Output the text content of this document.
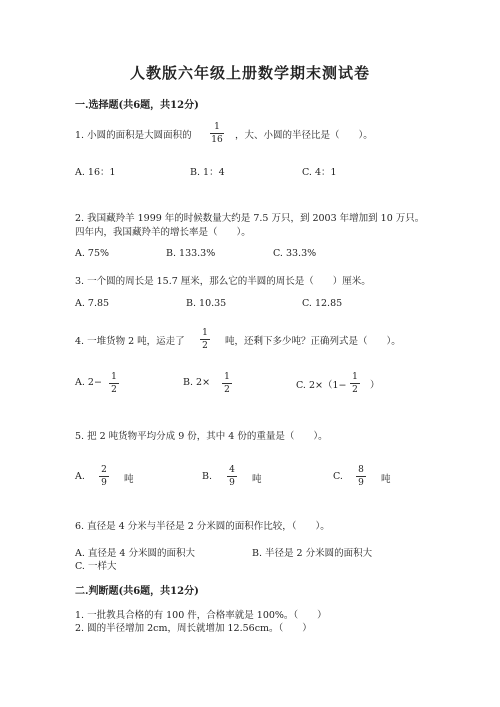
人教版六年级上册数学期末测试卷
一.选择题(共6题，共12分)
1. 小圆的面积是大圆面积的
1
16 ，大、小圆的半径比是（　　）。
A. 16：1	B. 1：4	C. 4：1
2. 我国藏羚羊 1999 年的时候数量大约是 7.5 万只，到 2003 年增加到 10 万只。
四年内，我国藏羚羊的增长率是（　　）。
A. 75%	B. 133.3%	C. 33.3%
3. 一个圆的周长是 15.7 厘米，那么它的半圆的周长是（　　）厘米。
A. 7.85	B. 10.35	C. 12.85
4. 一堆货物 2 吨，运走了
1
2 吨，还剩下多少吨？正确列式是（　　）。
A. 2− 1
2
B. 2× 1
2	C. 2×（1−
1
2 ）
5. 把 2 吨货物平均分成 9 份，其中 4 份的重量是（　　）。
A.
2
9 吨	B.
4
9 吨	C.
8
9 吨
6. 直径是 4 分米与半径是 2 分米圆的面积作比较，（　　）。
A. 直径是 4 分米圆的面积大	B. 半径是 2 分米圆的面积大
C. 一样大
二.判断题(共6题，共12分)
1. 一批教具合格的有 100 件，合格率就是 100%。（　　）
2. 圆的半径增加 2cm，周长就增加 12.56cm。（　　）
